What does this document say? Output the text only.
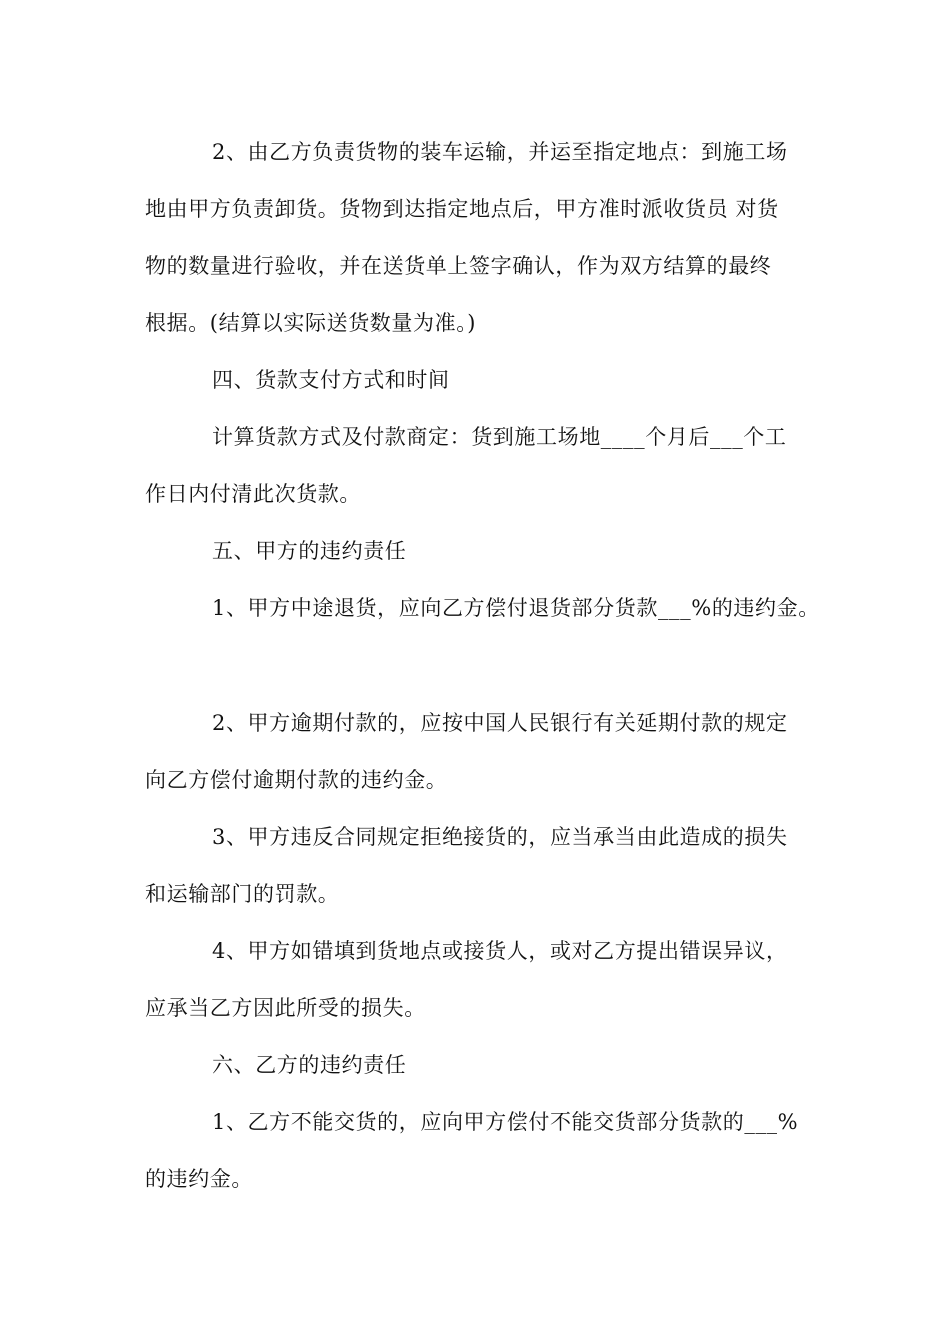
2、由乙方负责货物的装车运输，并运至指定地点：到施工场
地由甲方负责卸货。货物到达指定地点后，甲方准时派收货员 对货
物的数量进行验收，并在送货单上签字确认，作为双方结算的最终
根据。(结算以实际送货数量为准。)
四、货款支付方式和时间
计算货款方式及付款商定：货到施工场地____个月后___个工
作日内付清此次货款。
五、甲方的违约责任
1、甲方中途退货，应向乙方偿付退货部分货款___%的违约金。
2、甲方逾期付款的，应按中国人民银行有关延期付款的规定
向乙方偿付逾期付款的违约金。
3、甲方违反合同规定拒绝接货的，应当承当由此造成的损失
和运输部门的罚款。
4、甲方如错填到货地点或接货人，或对乙方提出错误异议，
应承当乙方因此所受的损失。
六、乙方的违约责任
1、乙方不能交货的，应向甲方偿付不能交货部分货款的___%
的违约金。
